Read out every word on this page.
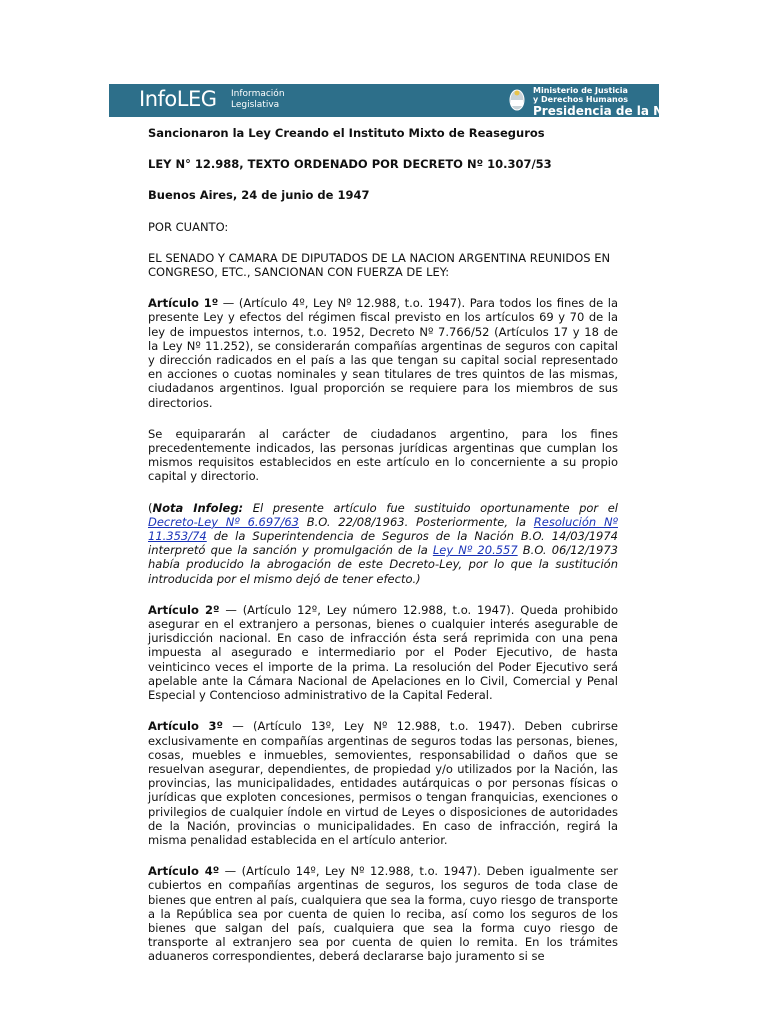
InfoLEG Información
Legislativa
Ministerio de Justicia
y Derechos Humanos
Presidencia de la Nación

Sancionaron la Ley Creando el Instituto Mixto de Reaseguros

LEY N° 12.988, TEXTO ORDENADO POR DECRETO Nº 10.307/53

Buenos Aires, 24 de junio de 1947

POR CUANTO:

EL SENADO Y CAMARA DE DIPUTADOS DE LA NACION ARGENTINA REUNIDOS EN CONGRESO, ETC., SANCIONAN CON FUERZA DE LEY:

Artículo 1º — (Artículo 4º, Ley Nº 12.988, t.o. 1947). Para todos los fines de la presente Ley y efectos del régimen fiscal previsto en los artículos 69 y 70 de la ley de impuestos internos, t.o. 1952, Decreto Nº 7.766/52 (Artículos 17 y 18 de la Ley Nº 11.252), se considerarán compañías argentinas de seguros con capital y dirección radicados en el país a las que tengan su capital social representado en acciones o cuotas nominales y sean titulares de tres quintos de las mismas, ciudadanos argentinos. Igual proporción se requiere para los miembros de sus directorios.

Se equipararán al carácter de ciudadanos argentino, para los fines precedentemente indicados, las personas jurídicas argentinas que cumplan los mismos requisitos establecidos en este artículo en lo concerniente a su propio capital y directorio.

(Nota Infoleg: El presente artículo fue sustituido oportunamente por el Decreto-Ley Nº 6.697/63 B.O. 22/08/1963. Posteriormente, la Resolución Nº 11.353/74 de la Superintendencia de Seguros de la Nación B.O. 14/03/1974 interpretó que la sanción y promulgación de la Ley Nº 20.557 B.O. 06/12/1973 había producido la abrogación de este Decreto-Ley, por lo que la sustitución introducida por el mismo dejó de tener efecto.)

Artículo 2º — (Artículo 12º, Ley número 12.988, t.o. 1947). Queda prohibido asegurar en el extranjero a personas, bienes o cualquier interés asegurable de jurisdicción nacional. En caso de infracción ésta será reprimida con una pena impuesta al asegurado e intermediario por el Poder Ejecutivo, de hasta veinticinco veces el importe de la prima. La resolución del Poder Ejecutivo será apelable ante la Cámara Nacional de Apelaciones en lo Civil, Comercial y Penal Especial y Contencioso administrativo de la Capital Federal.

Artículo 3º — (Artículo 13º, Ley Nº 12.988, t.o. 1947). Deben cubrirse exclusivamente en compañías argentinas de seguros todas las personas, bienes, cosas, muebles e inmuebles, semovientes, responsabilidad o daños que se resuelvan asegurar, dependientes, de propiedad y/o utilizados por la Nación, las provincias, las municipalidades, entidades autárquicas o por personas físicas o jurídicas que exploten concesiones, permisos o tengan franquicias, exenciones o privilegios de cualquier índole en virtud de Leyes o disposiciones de autoridades de la Nación, provincias o municipalidades. En caso de infracción, regirá la misma penalidad establecida en el artículo anterior.

Artículo 4º — (Artículo 14º, Ley Nº 12.988, t.o. 1947). Deben igualmente ser cubiertos en compañías argentinas de seguros, los seguros de toda clase de bienes que entren al país, cualquiera que sea la forma, cuyo riesgo de transporte a la República sea por cuenta de quien lo reciba, así como los seguros de los bienes que salgan del país, cualquiera que sea la forma cuyo riesgo de transporte al extranjero sea por cuenta de quien lo remita. En los trámites aduaneros correspondientes, deberá declararse bajo juramento si se
